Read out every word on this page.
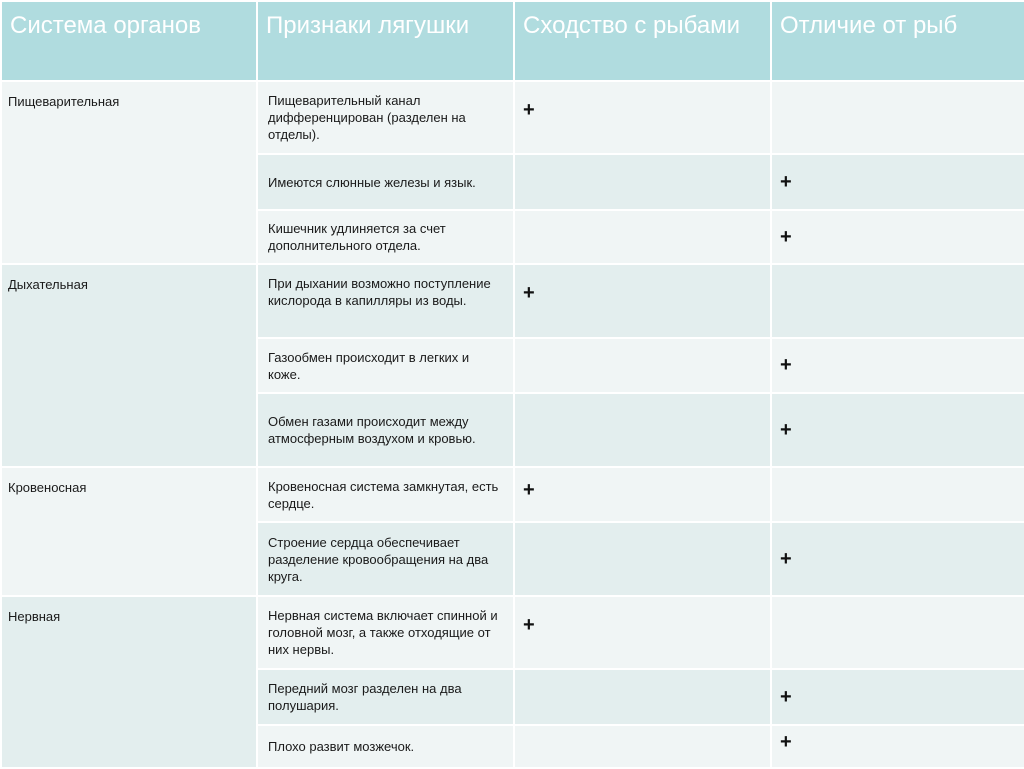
Система органов	Признаки лягушки	Сходство с рыбами	Отличие от рыб
Пищеварительная	Пищеварительный канал дифференцирован (разделен на отделы).	+	
	Имеются слюнные железы и язык.		+
	Кишечник удлиняется за счет дополнительного отдела.		+
Дыхательная	При дыхании возможно поступление кислорода в капилляры из воды.	+	
	Газообмен происходит в легких и коже.		+
	Обмен газами происходит между атмосферным воздухом и кровью.		+
Кровеносная	Кровеносная система замкнутая, есть сердце.	+	
	Строение сердца обеспечивает разделение кровообращения на два круга.		+
Нервная	Нервная система включает спинной и головной мозг, а также отходящие от них нервы.	+	
	Передний мозг разделен на два полушария.		+
	Плохо развит мозжечок.		+
